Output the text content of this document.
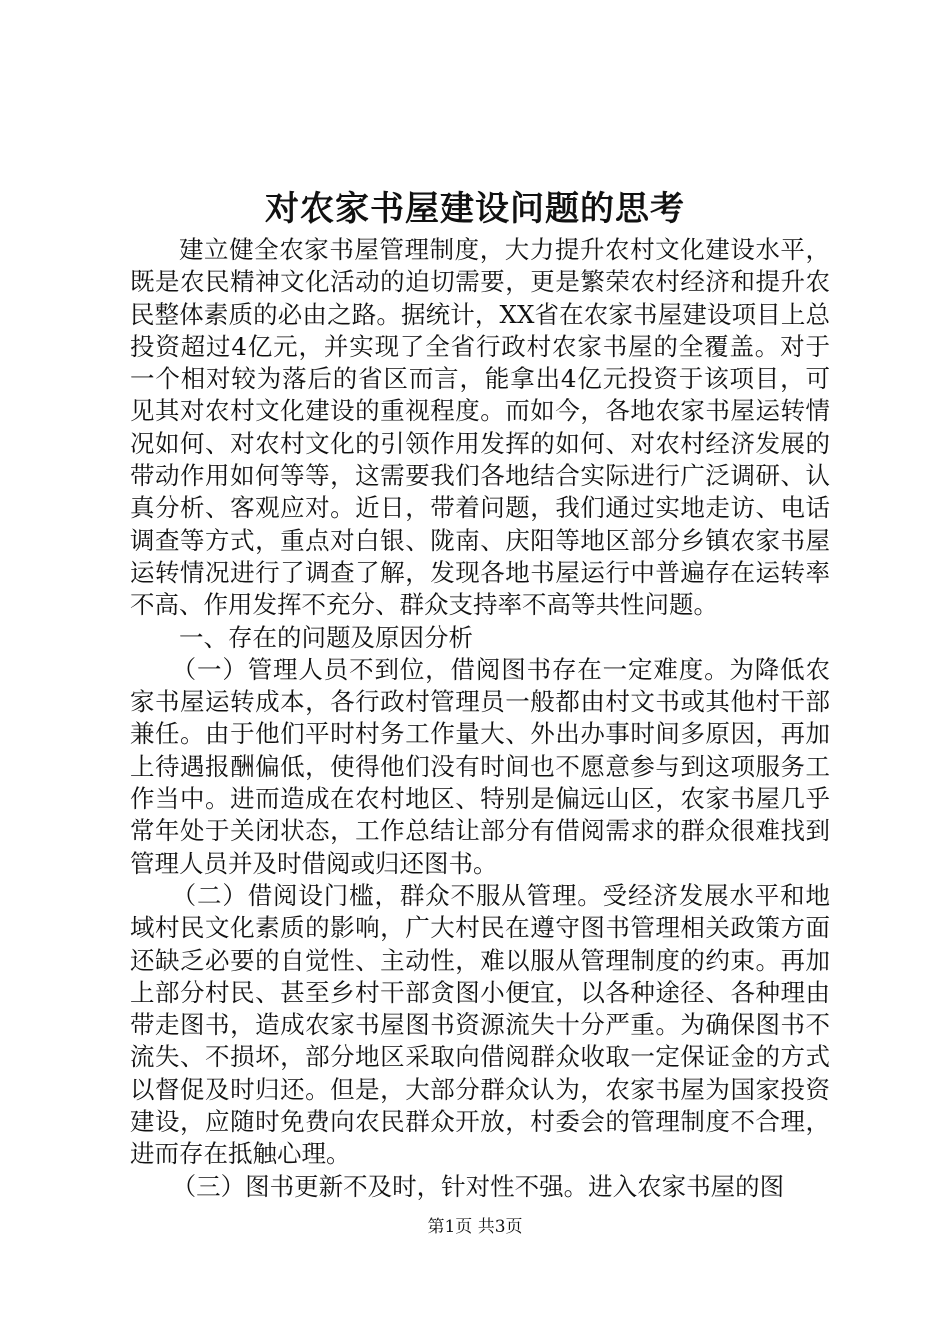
对农家书屋建设问题的思考

建立健全农家书屋管理制度，大力提升农村文化建设水平，既是农民精神文化活动的迫切需要，更是繁荣农村经济和提升农民整体素质的必由之路。据统计，XX省在农家书屋建设项目上总投资超过4亿元，并实现了全省行政村农家书屋的全覆盖。对于一个相对较为落后的省区而言，能拿出4亿元投资于该项目，可见其对农村文化建设的重视程度。而如今，各地农家书屋运转情况如何、对农村文化的引领作用发挥的如何、对农村经济发展的带动作用如何等等，这需要我们各地结合实际进行广泛调研、认真分析、客观应对。近日，带着问题，我们通过实地走访、电话调查等方式，重点对白银、陇南、庆阳等地区部分乡镇农家书屋运转情况进行了调查了解，发现各地书屋运行中普遍存在运转率不高、作用发挥不充分、群众支持率不高等共性问题。

一、存在的问题及原因分析

（一）管理人员不到位，借阅图书存在一定难度。为降低农家书屋运转成本，各行政村管理员一般都由村文书或其他村干部兼任。由于他们平时村务工作量大、外出办事时间多原因，再加上待遇报酬偏低，使得他们没有时间也不愿意参与到这项服务工作当中。进而造成在农村地区、特别是偏远山区，农家书屋几乎常年处于关闭状态，工作总结让部分有借阅需求的群众很难找到管理人员并及时借阅或归还图书。

（二）借阅设门槛，群众不服从管理。受经济发展水平和地域村民文化素质的影响，广大村民在遵守图书管理相关政策方面还缺乏必要的自觉性、主动性，难以服从管理制度的约束。再加上部分村民、甚至乡村干部贪图小便宜，以各种途径、各种理由带走图书，造成农家书屋图书资源流失十分严重。为确保图书不流失、不损坏，部分地区采取向借阅群众收取一定保证金的方式以督促及时归还。但是，大部分群众认为，农家书屋为国家投资建设，应随时免费向农民群众开放，村委会的管理制度不合理，进而存在抵触心理。

（三）图书更新不及时，针对性不强。进入农家书屋的图

第1页 共3页
